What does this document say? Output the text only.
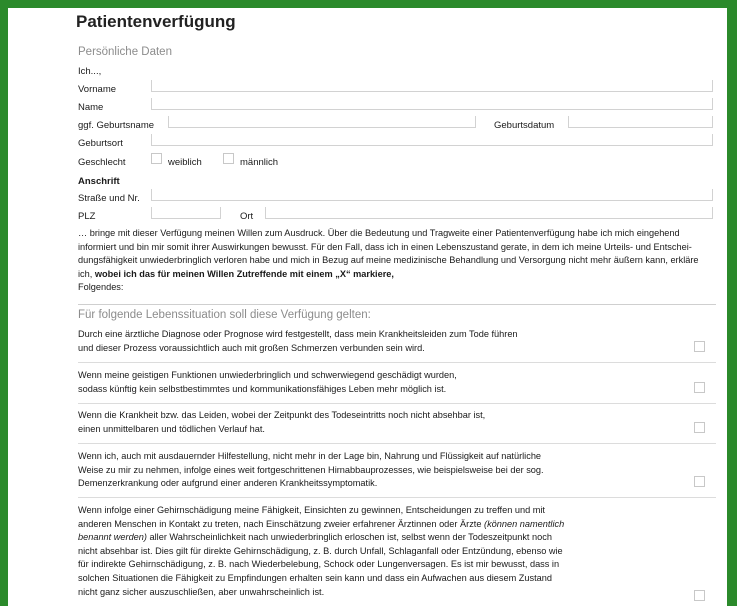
Patientenverfügung
Persönliche Daten
Ich...,
Vorname
Name
ggf. Geburtsname	Geburtsdatum
Geburtsort
Geschlecht	weiblich	männlich
Anschrift
Straße und Nr.
PLZ	Ort
… bringe mit dieser Verfügung meinen Willen zum Ausdruck. Über die Bedeutung und Tragweite einer Patientenverfügung habe ich mich eingehend
informiert und bin mir somit ihrer Auswirkungen bewusst. Für den Fall, dass ich in einen Lebenszustand gerate, in dem ich meine Urteils- und Entschei-
dungsfähigkeit unwiederbringlich verloren habe und mich in Bezug auf meine medizinische Behandlung und Versorgung nicht mehr äußern kann, erkläre
ich, wobei ich das für meinen Willen Zutreffende mit einem „X“ markiere,
Folgendes:
Für folgende Lebenssituation soll diese Verfügung gelten:
Durch eine ärztliche Diagnose oder Prognose wird festgestellt, dass mein Krankheitsleiden zum Tode führen
und dieser Prozess voraussichtlich auch mit großen Schmerzen verbunden sein wird.
Wenn meine geistigen Funktionen unwiederbringlich und schwerwiegend geschädigt wurden,
sodass künftig kein selbstbestimmtes und kommunikationsfähiges Leben mehr möglich ist.
Wenn die Krankheit bzw. das Leiden, wobei der Zeitpunkt des Todeseintritts noch nicht absehbar ist,
einen unmittelbaren und tödlichen Verlauf hat.
Wenn ich, auch mit ausdauernder Hilfestellung, nicht mehr in der Lage bin, Nahrung und Flüssigkeit auf natürliche
Weise zu mir zu nehmen, infolge eines weit fortgeschrittenen Hirnabbauprozesses, wie beispielsweise bei der sog.
Demenzerkrankung oder aufgrund einer anderen Krankheitssymptomatik.
Wenn infolge einer Gehirnschädigung meine Fähigkeit, Einsichten zu gewinnen, Entscheidungen zu treffen und mit
anderen Menschen in Kontakt zu treten, nach Einschätzung zweier erfahrener Ärztinnen oder Ärzte (können namentlich
benannt werden) aller Wahrscheinlichkeit nach unwiederbringlich erloschen ist, selbst wenn der Todeszeitpunkt noch
nicht absehbar ist. Dies gilt für direkte Gehirnschädigung, z. B. durch Unfall, Schlaganfall oder Entzündung, ebenso wie
für indirekte Gehirnschädigung, z. B. nach Wiederbelebung, Schock oder Lungenversagen. Es ist mir bewusst, dass in
solchen Situationen die Fähigkeit zu Empfindungen erhalten sein kann und dass ein Aufwachen aus diesem Zustand
nicht ganz sicher auszuschließen, aber unwahrscheinlich ist.
